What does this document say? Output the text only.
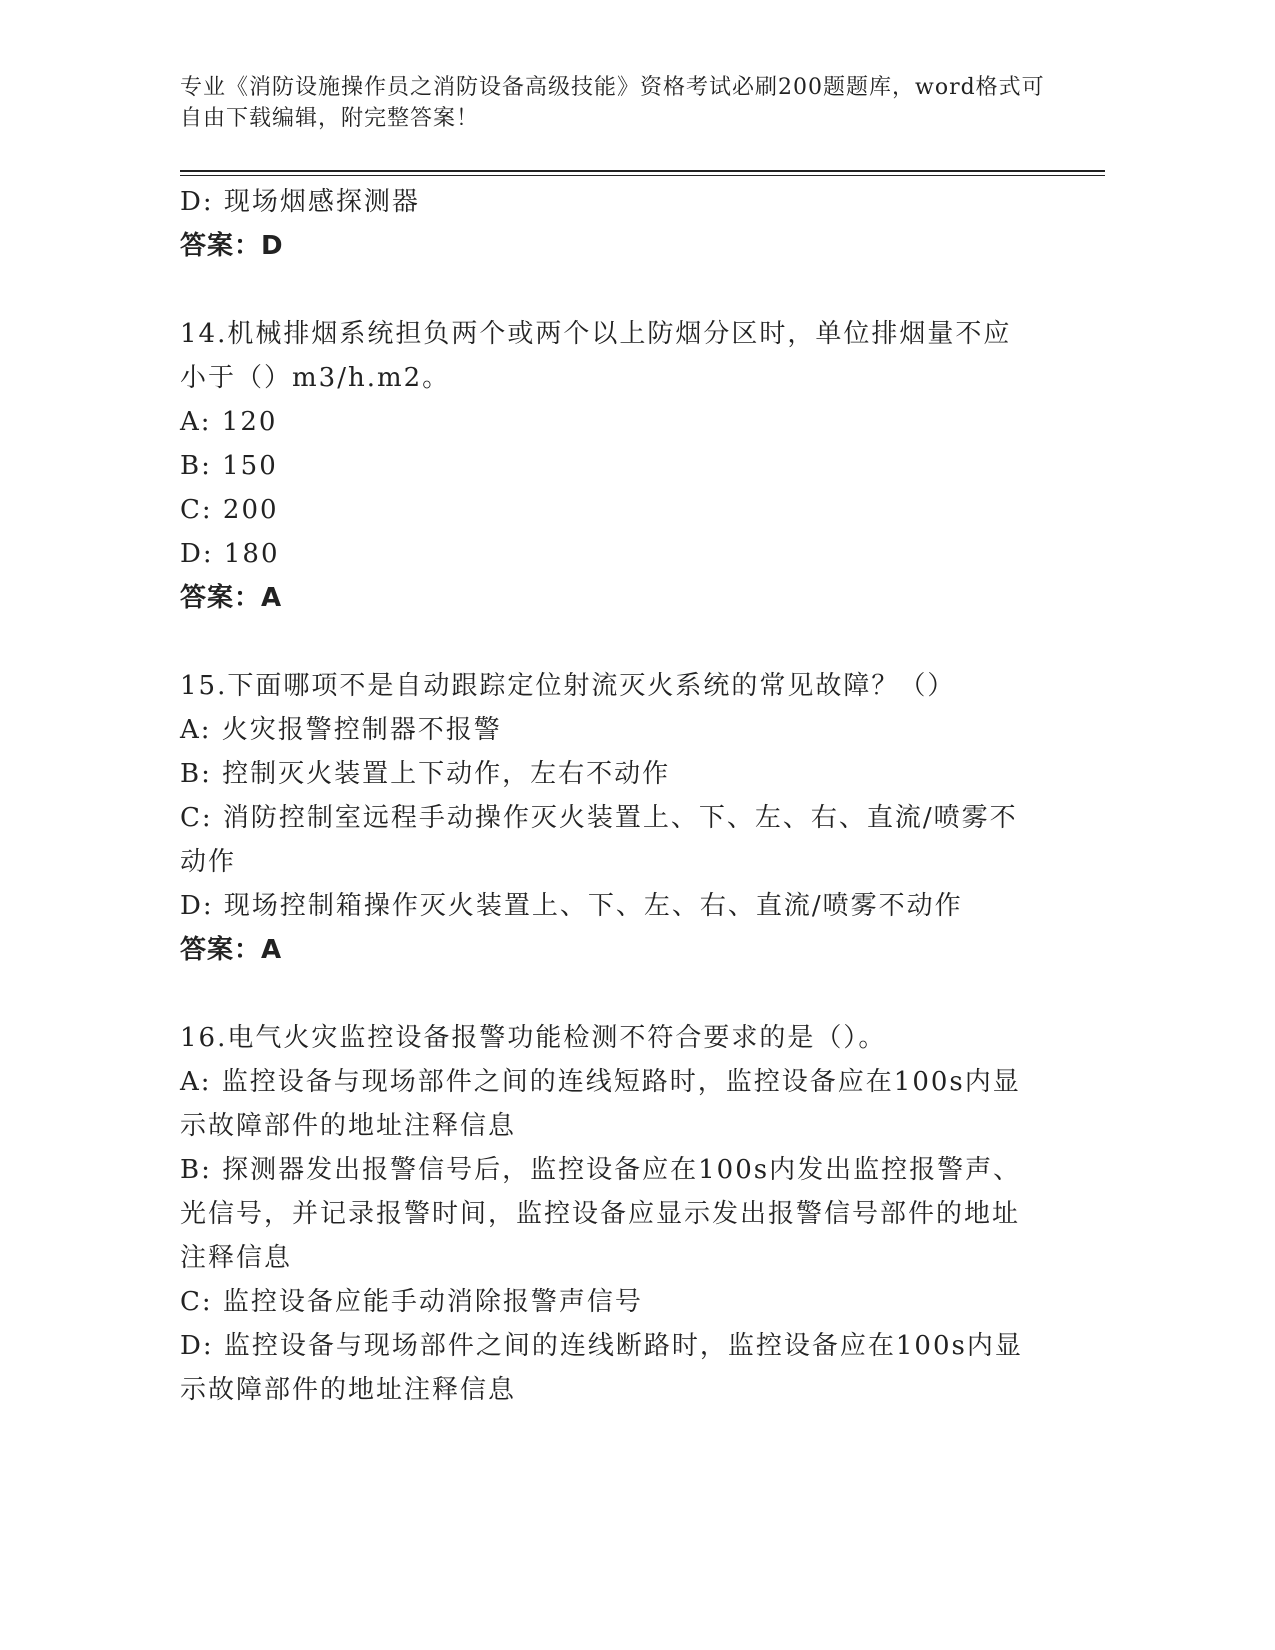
专业《消防设施操作员之消防设备高级技能》资格考试必刷200题题库，word格式可自由下载编辑，附完整答案！

D: 现场烟感探测器

答案：D

14.机械排烟系统担负两个或两个以上防烟分区时，单位排烟量不应小于（）m3/h.m2。

A: 120

B: 150

C: 200

D: 180

答案：A

15.下面哪项不是自动跟踪定位射流灭火系统的常见故障？（）

A: 火灾报警控制器不报警

B: 控制灭火装置上下动作，左右不动作

C: 消防控制室远程手动操作灭火装置上、下、左、右、直流/喷雾不动作

D: 现场控制箱操作灭火装置上、下、左、右、直流/喷雾不动作

答案：A

16.电气火灾监控设备报警功能检测不符合要求的是（）。

A: 监控设备与现场部件之间的连线短路时，监控设备应在100s内显示故障部件的地址注释信息

B: 探测器发出报警信号后，监控设备应在100s内发出监控报警声、光信号，并记录报警时间，监控设备应显示发出报警信号部件的地址注释信息

C: 监控设备应能手动消除报警声信号

D: 监控设备与现场部件之间的连线断路时，监控设备应在100s内显示故障部件的地址注释信息
